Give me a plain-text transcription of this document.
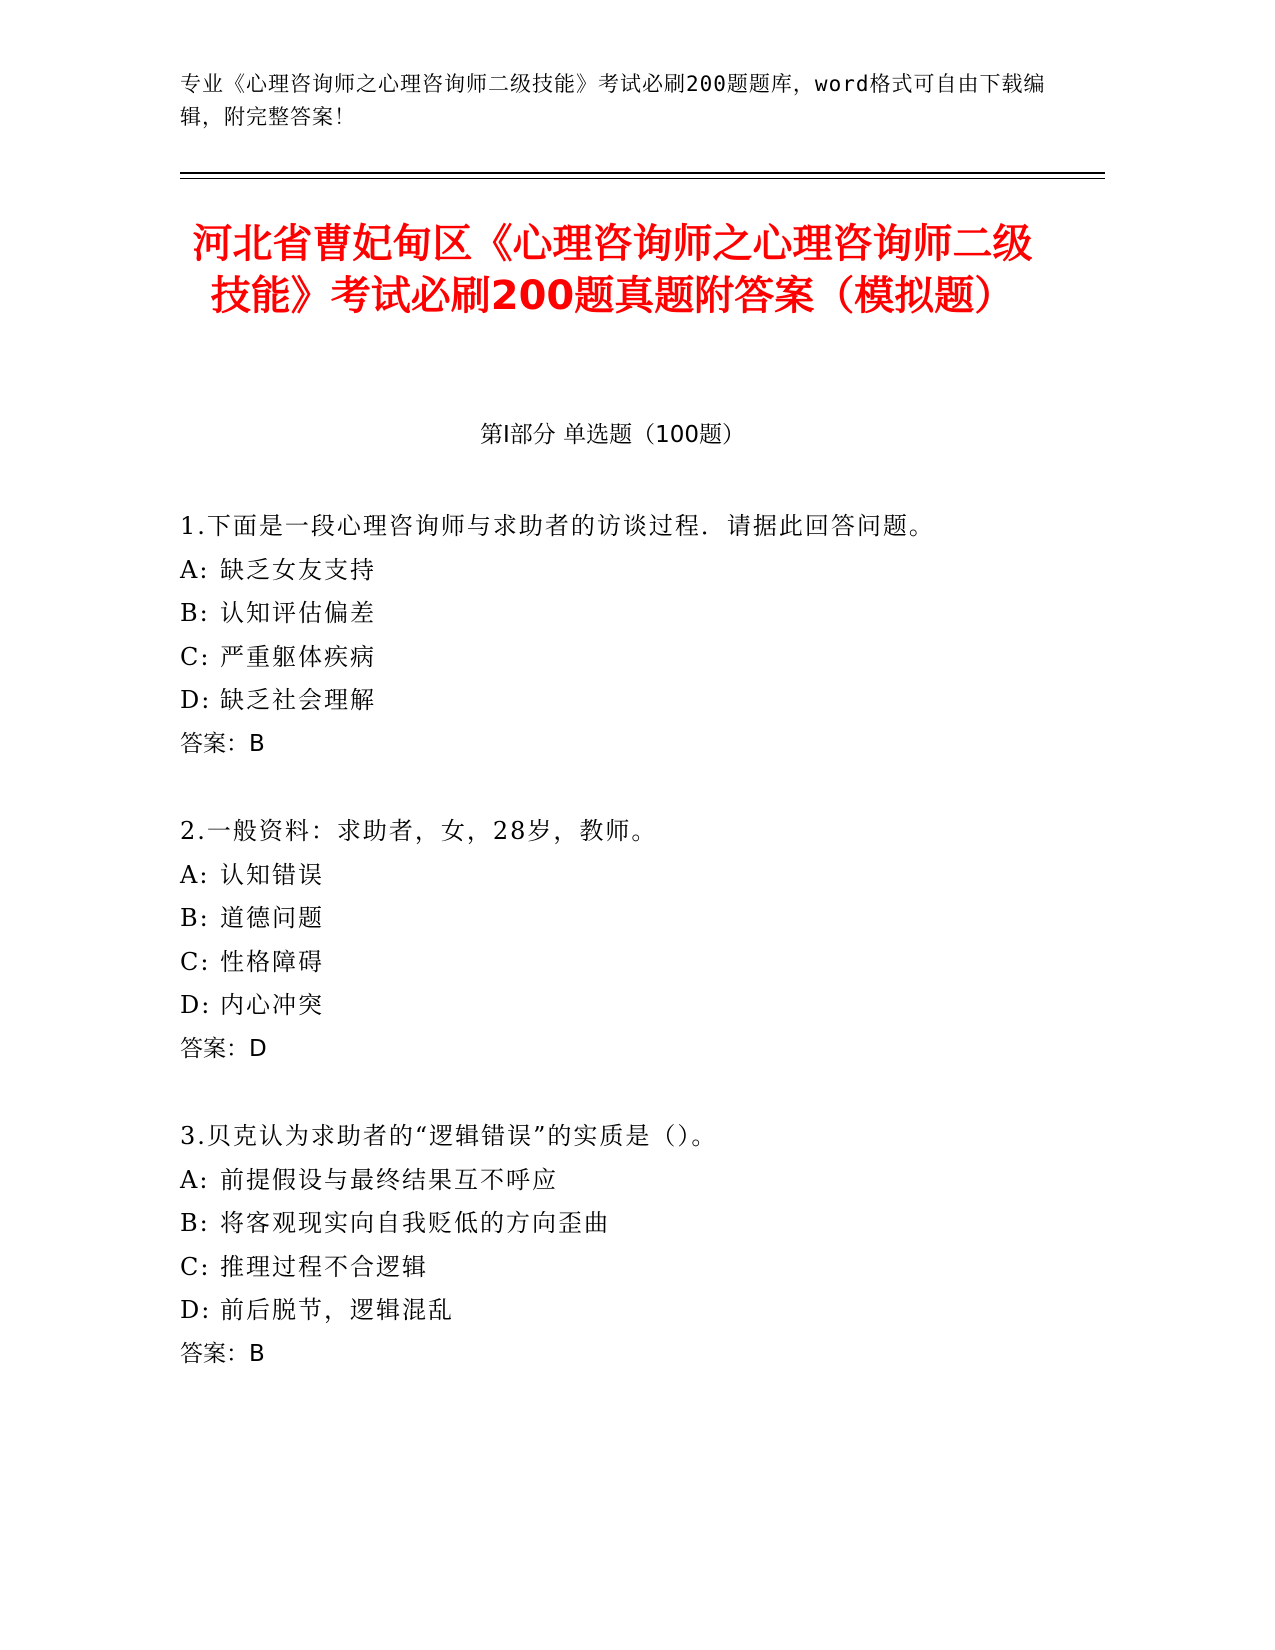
专业《心理咨询师之心理咨询师二级技能》考试必刷200题题库，word格式可自由下载编辑，附完整答案！
河北省曹妃甸区《心理咨询师之心理咨询师二级技能》考试必刷200题真题附答案（模拟题）
第I部分 单选题（100题）
1.下面是一段心理咨询师与求助者的访谈过程．请据此回答问题。
A: 缺乏女友支持
B: 认知评估偏差
C: 严重躯体疾病
D: 缺乏社会理解
答案：B
2.一般资料：求助者，女，28岁，教师。
A: 认知错误
B: 道德问题
C: 性格障碍
D: 内心冲突
答案：D
3.贝克认为求助者的“逻辑错误”的实质是（）。
A: 前提假设与最终结果互不呼应
B: 将客观现实向自我贬低的方向歪曲
C: 推理过程不合逻辑
D: 前后脱节，逻辑混乱
答案：B
